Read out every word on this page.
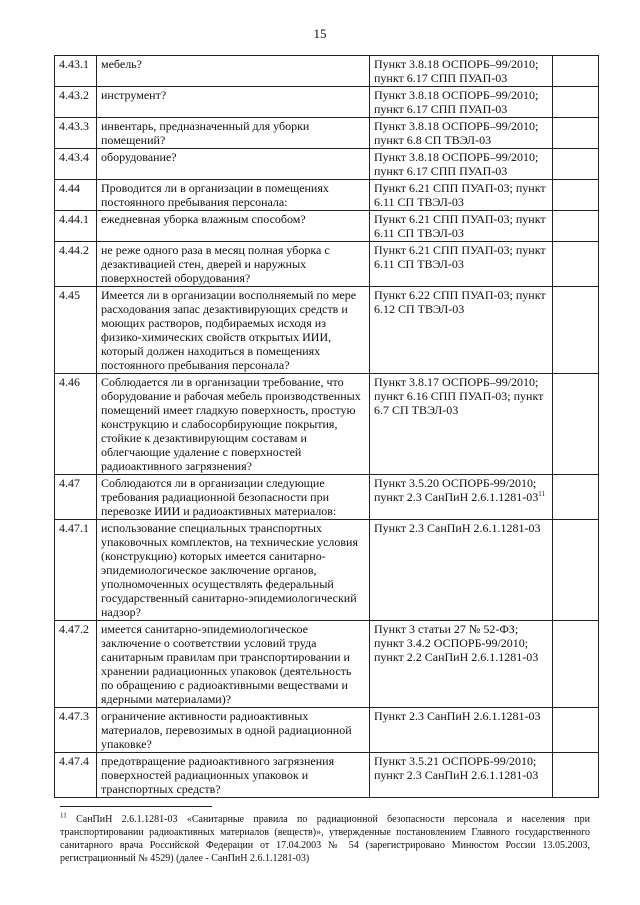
15
4.43.1	мебель?	Пункт 3.8.18 ОСПОРБ–99/2010; пункт 6.17 СПП ПУАП-03	
4.43.2	инструмент?	Пункт 3.8.18 ОСПОРБ–99/2010; пункт 6.17 СПП ПУАП-03	
4.43.3	инвентарь, предназначенный для уборки помещений?	Пункт 3.8.18 ОСПОРБ–99/2010; пункт 6.8 СП ТВЭЛ-03	
4.43.4	оборудование?	Пункт 3.8.18 ОСПОРБ–99/2010; пункт 6.17 СПП ПУАП-03	
4.44	Проводится ли в организации в помещениях постоянного пребывания персонала:	Пункт 6.21 СПП ПУАП-03; пункт 6.11 СП ТВЭЛ-03	
4.44.1	ежедневная уборка влажным способом?	Пункт 6.21 СПП ПУАП-03; пункт 6.11 СП ТВЭЛ-03	
4.44.2	не реже одного раза в месяц полная уборка с дезактивацией стен, дверей и наружных поверхностей оборудования?	Пункт 6.21 СПП ПУАП-03; пункт 6.11 СП ТВЭЛ-03	
4.45	Имеется ли в организации восполняемый по мере расходования запас дезактивирующих средств и моющих растворов, подбираемых исходя из физико-химических свойств открытых ИИИ, который должен находиться в помещениях постоянного пребывания персонала?	Пункт 6.22 СПП ПУАП-03; пункт 6.12 СП ТВЭЛ-03	
4.46	Соблюдается ли в организации требование, что оборудование и рабочая мебель производственных помещений имеет гладкую поверхность, простую конструкцию и слабосорбирующие покрытия, стойкие к дезактивирующим составам и облегчающие удаление с поверхностей радиоактивного загрязнения?	Пункт 3.8.17 ОСПОРБ–99/2010; пункт 6.16 СПП ПУАП-03; пункт 6.7 СП ТВЭЛ-03	
4.47	Соблюдаются ли в организации следующие требования радиационной безопасности при перевозке ИИИ и радиоактивных материалов:	Пункт 3.5.20 ОСПОРБ-99/2010; пункт 2.3 СанПиН $2.6.1.1281-03^{11}$	
4.47.1	использование специальных транспортных упаковочных комплектов, на технические условия (конструкцию) которых имеется санитарно-эпидемиологическое заключение органов, уполномоченных осуществлять федеральный государственный санитарно-эпидемиологический надзор?	Пункт 2.3 СанПиН 2.6.1.1281-03	
4.47.2	имеется санитарно-эпидемиологическое заключение о соответствии условий труда санитарным правилам при транспортировании и хранении радиационных упаковок (деятельность по обращению с радиоактивными веществами и ядерными материалами)?	Пункт 3 статьи 27 № 52-ФЗ; пункт 3.4.2 ОСПОРБ-99/2010; пункт 2.2 СанПиН 2.6.1.1281-03	
4.47.3	ограничение активности радиоактивных материалов, перевозимых в одной радиационной упаковке?	Пункт 2.3 СанПиН 2.6.1.1281-03	
4.47.4	предотвращение радиоактивного загрязнения поверхностей радиационных упаковок и транспортных средств?	Пункт 3.5.21 ОСПОРБ-99/2010; пункт 2.3 СанПиН 2.6.1.1281-03	
$^{11}$ СанПиН 2.6.1.1281-03 «Санитарные правила по радиационной безопасности персонала и населения при транспортировании радиоактивных материалов (веществ)», утвержденные постановлением Главного государственного санитарного врача Российской Федерации от 17.04.2003 № 54 (зарегистрировано Минюстом России 13.05.2003, регистрационный № 4529) (далее - СанПиН 2.6.1.1281-03)
